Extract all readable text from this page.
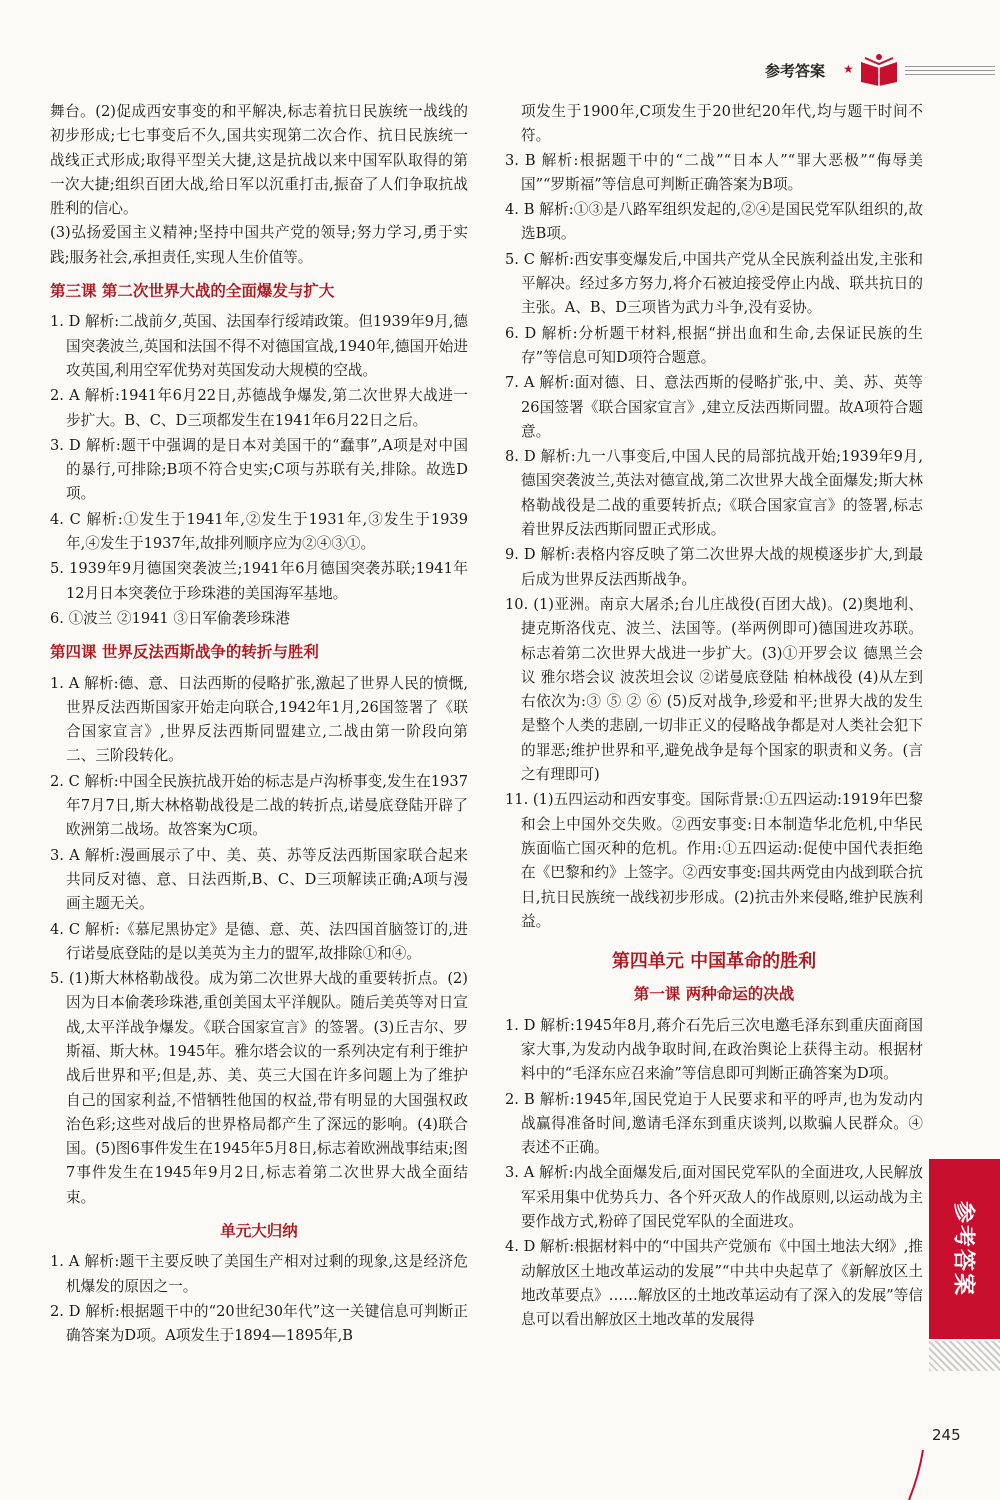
参考答案 ★

舞台。(2)促成西安事变的和平解决,标志着抗日民族统一战线的初步形成;七七事变后不久,国共实现第二次合作、抗日民族统一战线正式形成;取得平型关大捷,这是抗战以来中国军队取得的第一次大捷;组织百团大战,给日军以沉重打击,振奋了人们争取抗战胜利的信心。

(3)弘扬爱国主义精神;坚持中国共产党的领导;努力学习,勇于实践;服务社会,承担责任,实现人生价值等。

第三课 第二次世界大战的全面爆发与扩大

1. D 解析:二战前夕,英国、法国奉行绥靖政策。但1939年9月,德国突袭波兰,英国和法国不得不对德国宣战,1940年,德国开始进攻英国,利用空军优势对英国发动大规模的空战。

2. A 解析:1941年6月22日,苏德战争爆发,第二次世界大战进一步扩大。B、C、D三项都发生在1941年6月22日之后。

3. D 解析:题干中强调的是日本对美国干的“蠢事”,A项是对中国的暴行,可排除;B项不符合史实;C项与苏联有关,排除。故选D项。

4. C 解析:①发生于1941年,②发生于1931年,③发生于1939年,④发生于1937年,故排列顺序应为②④③①。

5. 1939年9月德国突袭波兰;1941年6月德国突袭苏联;1941年12月日本突袭位于珍珠港的美国海军基地。

6. ①波兰 ②1941 ③日军偷袭珍珠港

第四课 世界反法西斯战争的转折与胜利

1. A 解析:德、意、日法西斯的侵略扩张,激起了世界人民的愤慨,世界反法西斯国家开始走向联合,1942年1月,26国签署了《联合国家宣言》,世界反法西斯同盟建立,二战由第一阶段向第二、三阶段转化。

2. C 解析:中国全民族抗战开始的标志是卢沟桥事变,发生在1937年7月7日,斯大林格勒战役是二战的转折点,诺曼底登陆开辟了欧洲第二战场。故答案为C项。

3. A 解析:漫画展示了中、美、英、苏等反法西斯国家联合起来共同反对德、意、日法西斯,B、C、D三项解读正确;A项与漫画主题无关。

4. C 解析:《慕尼黑协定》是德、意、英、法四国首脑签订的,进行诺曼底登陆的是以美英为主力的盟军,故排除①和④。

5. (1)斯大林格勒战役。成为第二次世界大战的重要转折点。(2)因为日本偷袭珍珠港,重创美国太平洋舰队。随后美英等对日宣战,太平洋战争爆发。《联合国家宣言》的签署。(3)丘吉尔、罗斯福、斯大林。1945年。雅尔塔会议的一系列决定有利于维护战后世界和平;但是,苏、美、英三大国在许多问题上为了维护自己的国家利益,不惜牺牲他国的权益,带有明显的大国强权政治色彩;这些对战后的世界格局都产生了深远的影响。(4)联合国。(5)图6事件发生在1945年5月8日,标志着欧洲战事结束;图7事件发生在1945年9月2日,标志着第二次世界大战全面结束。

单元大归纳

1. A 解析:题干主要反映了美国生产相对过剩的现象,这是经济危机爆发的原因之一。

2. D 解析:根据题干中的“20世纪30年代”这一关键信息可判断正确答案为D项。A项发生于1894—1895年,B

项发生于1900年,C项发生于20世纪20年代,均与题干时间不符。

3. B 解析:根据题干中的“二战”“日本人”“罪大恶极”“侮辱美国”“罗斯福”等信息可判断正确答案为B项。

4. B 解析:①③是八路军组织发起的,②④是国民党军队组织的,故选B项。

5. C 解析:西安事变爆发后,中国共产党从全民族利益出发,主张和平解决。经过多方努力,将介石被迫接受停止内战、联共抗日的主张。A、B、D三项皆为武力斗争,没有妥协。

6. D 解析:分析题干材料,根据“拼出血和生命,去保证民族的生存”等信息可知D项符合题意。

7. A 解析:面对德、日、意法西斯的侵略扩张,中、美、苏、英等26国签署《联合国家宣言》,建立反法西斯同盟。故A项符合题意。

8. D 解析:九一八事变后,中国人民的局部抗战开始;1939年9月,德国突袭波兰,英法对德宣战,第二次世界大战全面爆发;斯大林格勒战役是二战的重要转折点;《联合国家宣言》的签署,标志着世界反法西斯同盟正式形成。

9. D 解析:表格内容反映了第二次世界大战的规模逐步扩大,到最后成为世界反法西斯战争。

10. (1)亚洲。南京大屠杀;台儿庄战役(百团大战)。(2)奥地利、捷克斯洛伐克、波兰、法国等。(举两例即可)德国进攻苏联。标志着第二次世界大战进一步扩大。(3)①开罗会议 德黑兰会议 雅尔塔会议 波茨坦会议 ②诺曼底登陆 柏林战役 (4)从左到右依次为:③ ⑤ ② ⑥ (5)反对战争,珍爱和平;世界大战的发生是整个人类的悲剧,一切非正义的侵略战争都是对人类社会犯下的罪恶;维护世界和平,避免战争是每个国家的职责和义务。(言之有理即可)

11. (1)五四运动和西安事变。国际背景:①五四运动:1919年巴黎和会上中国外交失败。②西安事变:日本制造华北危机,中华民族面临亡国灭种的危机。作用:①五四运动:促使中国代表拒绝在《巴黎和约》上签字。②西安事变:国共两党由内战到联合抗日,抗日民族统一战线初步形成。(2)抗击外来侵略,维护民族利益。

第四单元 中国革命的胜利
第一课 两种命运的决战

1. D 解析:1945年8月,蒋介石先后三次电邀毛泽东到重庆面商国家大事,为发动内战争取时间,在政治舆论上获得主动。根据材料中的“毛泽东应召来渝”等信息即可判断正确答案为D项。

2. B 解析:1945年,国民党迫于人民要求和平的呼声,也为发动内战赢得准备时间,邀请毛泽东到重庆谈判,以欺骗人民群众。④表述不正确。

3. A 解析:内战全面爆发后,面对国民党军队的全面进攻,人民解放军采用集中优势兵力、各个歼灭敌人的作战原则,以运动战为主要作战方式,粉碎了国民党军队的全面进攻。

4. D 解析:根据材料中的“中国共产党颁布《中国土地法大纲》,推动解放区土地改革运动的发展”“中共中央起草了《新解放区土地改革要点》……解放区的土地改革运动有了深入的发展”等信息可以看出解放区土地改革的发展得

参考答案
245
